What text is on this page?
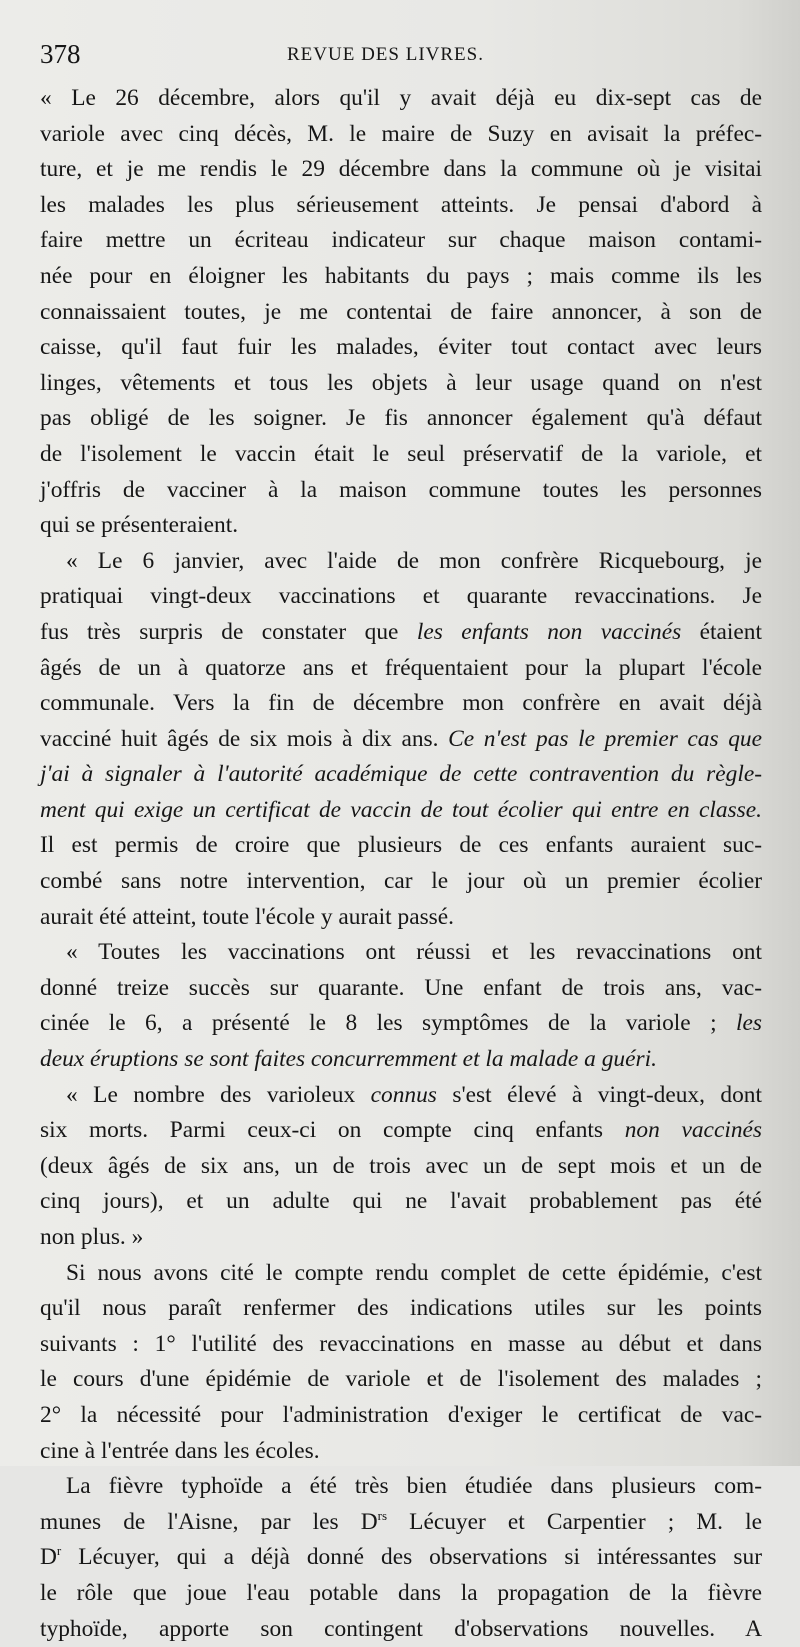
378	REVUE DES LIVRES.
« Le 26 décembre, alors qu'il y avait déjà eu dix-sept cas de
variole avec cinq décès, M. le maire de Suzy en avisait la préfec-
ture, et je me rendis le 29 décembre dans la commune où je visitai
les malades les plus sérieusement atteints. Je pensai d'abord à
faire mettre un écriteau indicateur sur chaque maison contami-
née pour en éloigner les habitants du pays ; mais comme ils les
connaissaient toutes, je me contentai de faire annoncer, à son de
caisse, qu'il faut fuir les malades, éviter tout contact avec leurs
linges, vêtements et tous les objets à leur usage quand on n'est
pas obligé de les soigner. Je fis annoncer également qu'à défaut
de l'isolement le vaccin était le seul préservatif de la variole, et
j'offris de vacciner à la maison commune toutes les personnes
qui se présenteraient.
« Le 6 janvier, avec l'aide de mon confrère Ricquebourg, je
pratiquai vingt-deux vaccinations et quarante revaccinations. Je
fus très surpris de constater que les enfants non vaccinés étaient
âgés de un à quatorze ans et fréquentaient pour la plupart l'école
communale. Vers la fin de décembre mon confrère en avait déjà
vacciné huit âgés de six mois à dix ans. Ce n'est pas le premier cas que
j'ai à signaler à l'autorité académique de cette contravention du règle-
ment qui exige un certificat de vaccin de tout écolier qui entre en classe.
Il est permis de croire que plusieurs de ces enfants auraient suc-
combé sans notre intervention, car le jour où un premier écolier
aurait été atteint, toute l'école y aurait passé.
« Toutes les vaccinations ont réussi et les revaccinations ont
donné treize succès sur quarante. Une enfant de trois ans, vac-
cinée le 6, a présenté le 8 les symptômes de la variole ; les
deux éruptions se sont faites concurremment et la malade a guéri.
« Le nombre des varioleux connus s'est élevé à vingt-deux, dont
six morts. Parmi ceux-ci on compte cinq enfants non vaccinés
(deux âgés de six ans, un de trois avec un de sept mois et un de
cinq jours), et un adulte qui ne l'avait probablement pas été
non plus. »
Si nous avons cité le compte rendu complet de cette épidémie, c'est
qu'il nous paraît renfermer des indications utiles sur les points
suivants : 1° l'utilité des revaccinations en masse au début et dans
le cours d'une épidémie de variole et de l'isolement des malades ;
2° la nécessité pour l'administration d'exiger le certificat de vac-
cine à l'entrée dans les écoles.
La fièvre typhoïde a été très bien étudiée dans plusieurs com-
munes de l'Aisne, par les $D^{rs}$ Lécuyer et Carpentier ; M. le
$D^r$ Lécuyer, qui a déjà donné des observations si intéressantes sur
le rôle que joue l'eau potable dans la propagation de la fièvre
typhoïde, apporte son contingent d'observations nouvelles. A
